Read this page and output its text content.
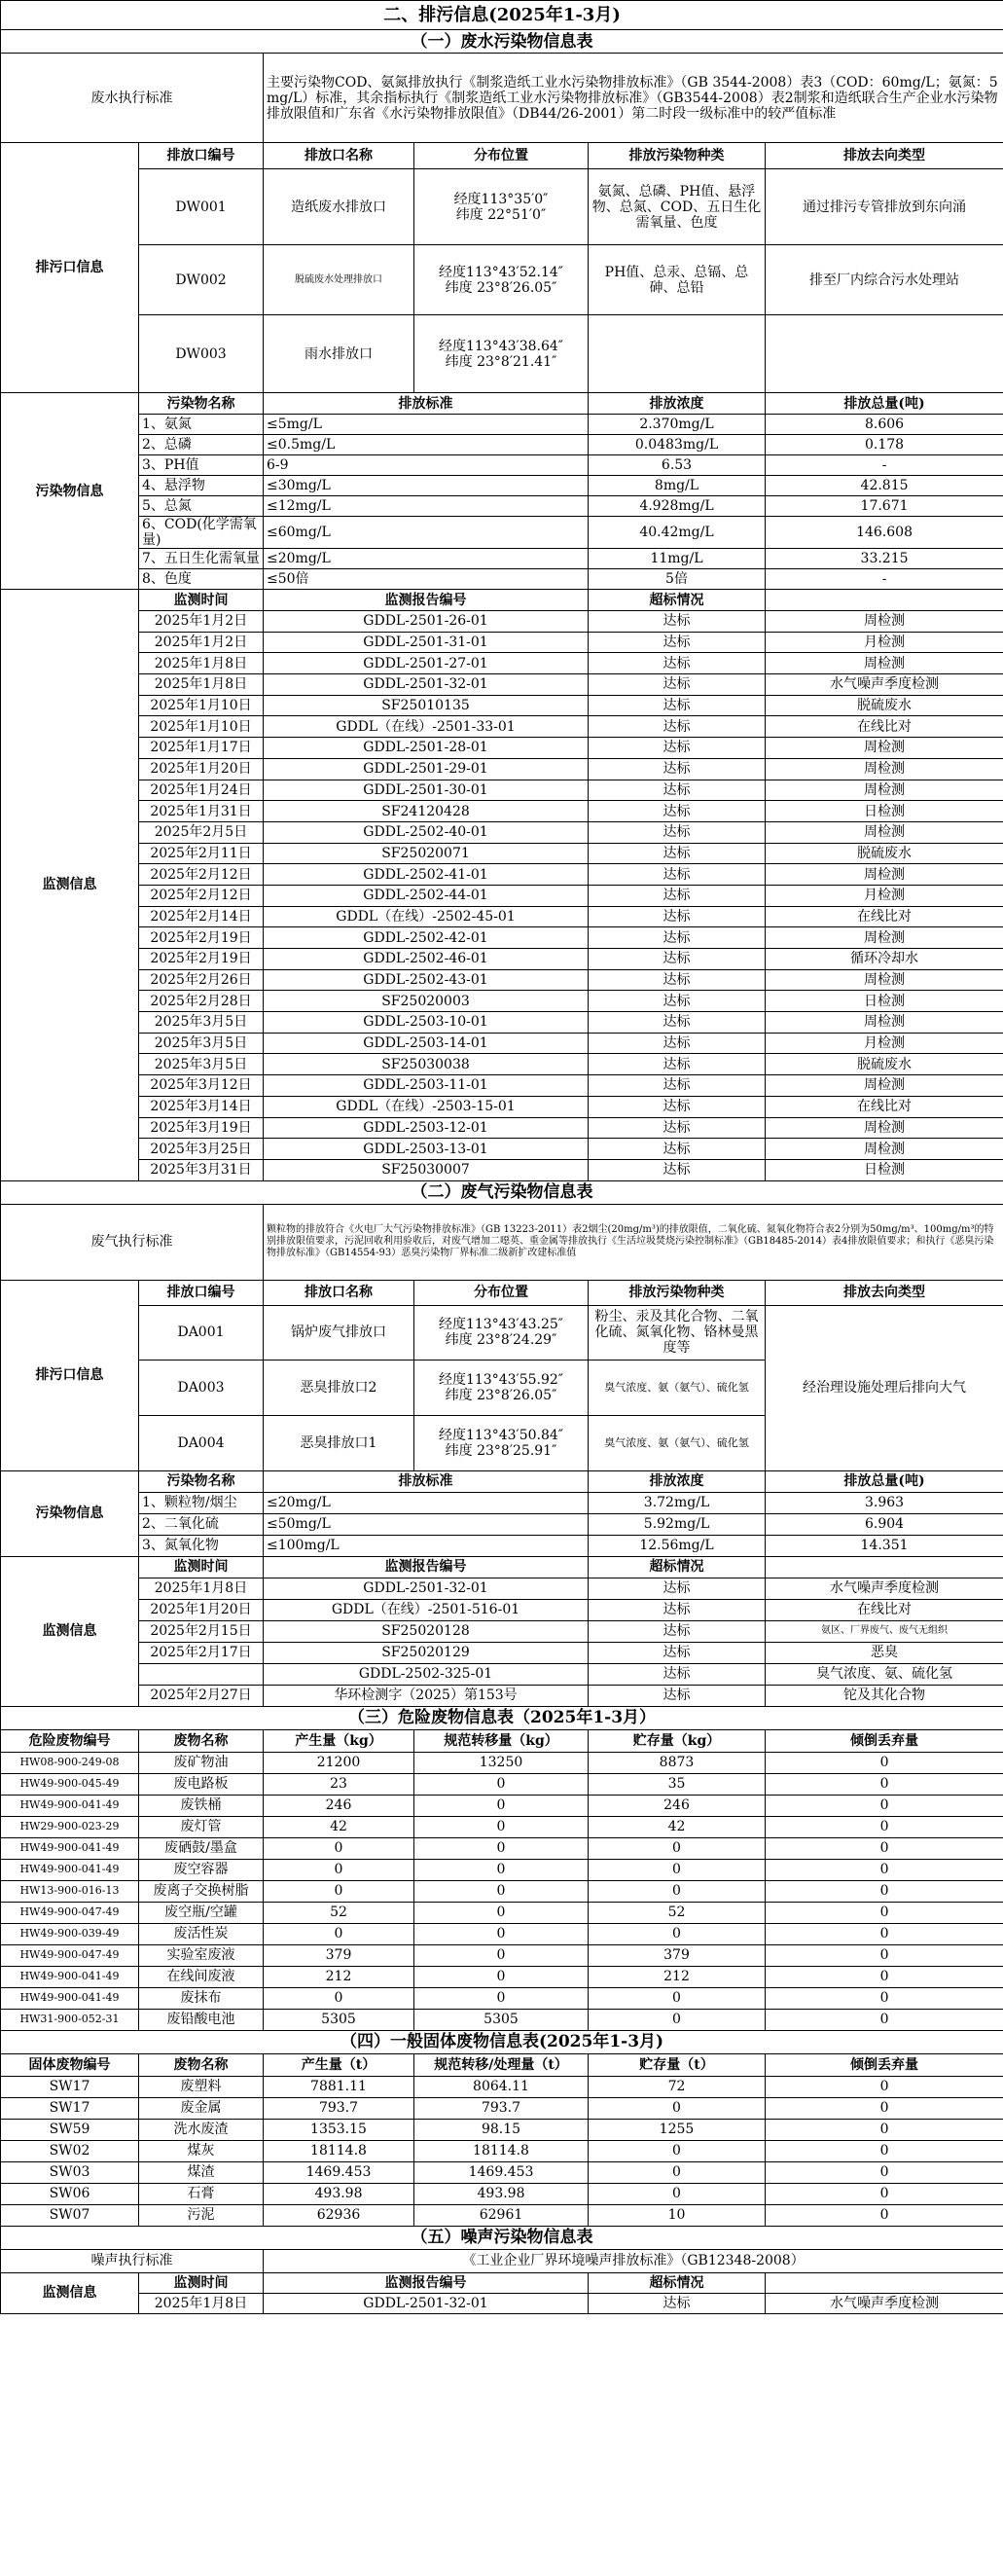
二、排污信息(2025年1-3月)					
（一）废水污染物信息表					
废水执行标准		主要污染物COD、氨氮排放执行《制浆造纸工业水污染物排放标准》（GB 3544-2008）表3（COD：60mg/L；氨氮：5 mg/L）标准，其余指标执行《制浆造纸工业水污染物排放标准》（GB3544-2008）表2制浆和造纸联合生产企业水污染物排放限值和广东省《水污染物排放限值》（DB44/26-2001）第二时段一级标准中的较严值标准			
排污口信息	排放口编号	排放口名称	分布位置	排放污染物种类	排放去向类型
	DW001	造纸废水排放口	经度113°35′0″
纬度 22°51′0″	氨氮、总磷、PH值、悬浮物、总氮、COD、五日生化需氧量、色度	通过排污专管排放到东向涌
	DW002	脱硫废水处理排放口	经度113°43′52.14″
纬度 23°8′26.05″	PH值、总汞、总镉、总砷、总铅	排至厂内综合污水处理站
	DW003	雨水排放口	经度113°43′38.64″
纬度 23°8′21.41″		

污染物信息	污染物名称	排放标准		排放浓度	排放总量(吨)
	1、氨氮	≤5mg/L		2.370mg/L	8.606
	2、总磷	≤0.5mg/L		0.0483mg/L	0.178
	3、PH值	6-9		6.53	-
	4、悬浮物	≤30mg/L		8mg/L	42.815
	5、总氮	≤12mg/L		4.928mg/L	17.671
	6、COD(化学需氧量)	≤60mg/L		40.42mg/L	146.608
	7、五日生化需氧量	≤20mg/L		11mg/L	33.215
	8、色度	≤50倍		5倍	-
监测信息	监测时间	监测报告编号		超标情况	
	2025年1月2日	GDDL-2501-26-01		达标	周检测
	2025年1月2日	GDDL-2501-31-01		达标	月检测
	2025年1月8日	GDDL-2501-27-01		达标	周检测
	2025年1月8日	GDDL-2501-32-01		达标	水气噪声季度检测
	2025年1月10日	SF25010135		达标	脱硫废水
	2025年1月10日	GDDL（在线）-2501-33-01		达标	在线比对
	2025年1月17日	GDDL-2501-28-01		达标	周检测
	2025年1月20日	GDDL-2501-29-01		达标	周检测
	2025年1月24日	GDDL-2501-30-01		达标	周检测
	2025年1月31日	SF24120428		达标	日检测
	2025年2月5日	GDDL-2502-40-01		达标	周检测
	2025年2月11日	SF25020071		达标	脱硫废水
	2025年2月12日	GDDL-2502-41-01		达标	周检测
	2025年2月12日	GDDL-2502-44-01		达标	月检测
	2025年2月14日	GDDL（在线）-2502-45-01		达标	在线比对
	2025年2月19日	GDDL-2502-42-01		达标	周检测
	2025年2月19日	GDDL-2502-46-01		达标	循环冷却水
	2025年2月26日	GDDL-2502-43-01		达标	周检测
	2025年2月28日	SF25020003		达标	日检测
	2025年3月5日	GDDL-2503-10-01		达标	周检测
	2025年3月5日	GDDL-2503-14-01		达标	月检测
	2025年3月5日	SF25030038		达标	脱硫废水
	2025年3月12日	GDDL-2503-11-01		达标	周检测
	2025年3月14日	GDDL（在线）-2503-15-01		达标	在线比对
	2025年3月19日	GDDL-2503-12-01		达标	周检测
	2025年3月25日	GDDL-2503-13-01		达标	周检测
	2025年3月31日	SF25030007		达标	日检测
（二）废气污染物信息表					
废气执行标准		颗粒物的排放符合《火电厂大气污染物排放标准》（GB 13223-2011）表2烟尘(20mg/m³)的排放限值，二氧化硫、氮氧化物符合表2分别为50mg/m³、100mg/m³的特别排放限值要求，污泥回收利用验收后，对废气增加二噁英、重金属等排放执行《生活垃圾焚烧污染控制标准》（GB18485-2014）表4排放限值要求；和执行《恶臭污染物排放标准》（GB14554-93）恶臭污染物厂界标准二级新扩改建标准值			
排污口信息	排放口编号	排放口名称	分布位置	排放污染物种类	排放去向类型
	DA001	锅炉废气排放口	经度113°43′43.25″
纬度 23°8′24.29″	粉尘、汞及其化合物、二氧化硫、氮氧化物、铬林曼黑度等	经治理设施处理后排向大气
	DA003	恶臭排放口2	经度113°43′55.92″
纬度 23°8′26.05″	臭气浓度、氨（氨气）、硫化氢	
	DA004	恶臭排放口1	经度113°43′50.84″
纬度 23°8′25.91″	臭气浓度、氨（氨气）、硫化氢	
污染物信息	污染物名称	排放标准		排放浓度	排放总量(吨)
	1、颗粒物/烟尘	≤20mg/L		3.72mg/L	3.963
	2、二氧化硫	≤50mg/L		5.92mg/L	6.904
	3、氮氧化物	≤100mg/L		12.56mg/L	14.351
监测信息	监测时间	监测报告编号		超标情况	
	2025年1月8日	GDDL-2501-32-01		达标	水气噪声季度检测
	2025年1月20日	GDDL（在线）-2501-516-01		达标	在线比对
	2025年2月15日	SF25020128		达标	氨区、厂界废气、废气无组织
	2025年2月17日	SF25020129		达标	恶臭
		GDDL-2502-325-01		达标	臭气浓度、氨、硫化氢
	2025年2月27日	华环检测字（2025）第153号		达标	铊及其化合物
（三）危险废物信息表（2025年1-3月）					
危险废物编号	废物名称	产生量（kg）	规范转移量（kg）	贮存量（kg）	倾倒丢弃量
HW08-900-249-08	废矿物油	21200	13250	8873	0
HW49-900-045-49	废电路板	23	0	35	0
HW49-900-041-49	废铁桶	246	0	246	0
HW29-900-023-29	废灯管	42	0	42	0
HW49-900-041-49	废硒鼓/墨盒	0	0	0	0
HW49-900-041-49	废空容器	0	0	0	0
HW13-900-016-13	废离子交换树脂	0	0	0	0
HW49-900-047-49	废空瓶/空罐	52	0	52	0
HW49-900-039-49	废活性炭	0	0	0	0
HW49-900-047-49	实验室废液	379	0	379	0
HW49-900-041-49	在线间废液	212	0	212	0
HW49-900-041-49	废抹布	0	0	0	0
HW31-900-052-31	废铅酸电池	5305	5305	0	0
（四）一般固体废物信息表(2025年1-3月)					
固体废物编号	废物名称	产生量（t）	规范转移/处理量（t）	贮存量（t）	倾倒丢弃量
SW17	废塑料	7881.11	8064.11	72	0
SW17	废金属	793.7	793.7	0	0
SW59	洗水废渣	1353.15	98.15	1255	0
SW02	煤灰	18114.8	18114.8	0	0
SW03	煤渣	1469.453	1469.453	0	0
SW06	石膏	493.98	493.98	0	0
SW07	污泥	62936	62961	10	0
（五）噪声污染物信息表					
噪声执行标准		《工业企业厂界环境噪声排放标准》（GB12348-2008）			
监测信息	监测时间	监测报告编号		超标情况	
	2025年1月8日	GDDL-2501-32-01		达标	水气噪声季度检测
